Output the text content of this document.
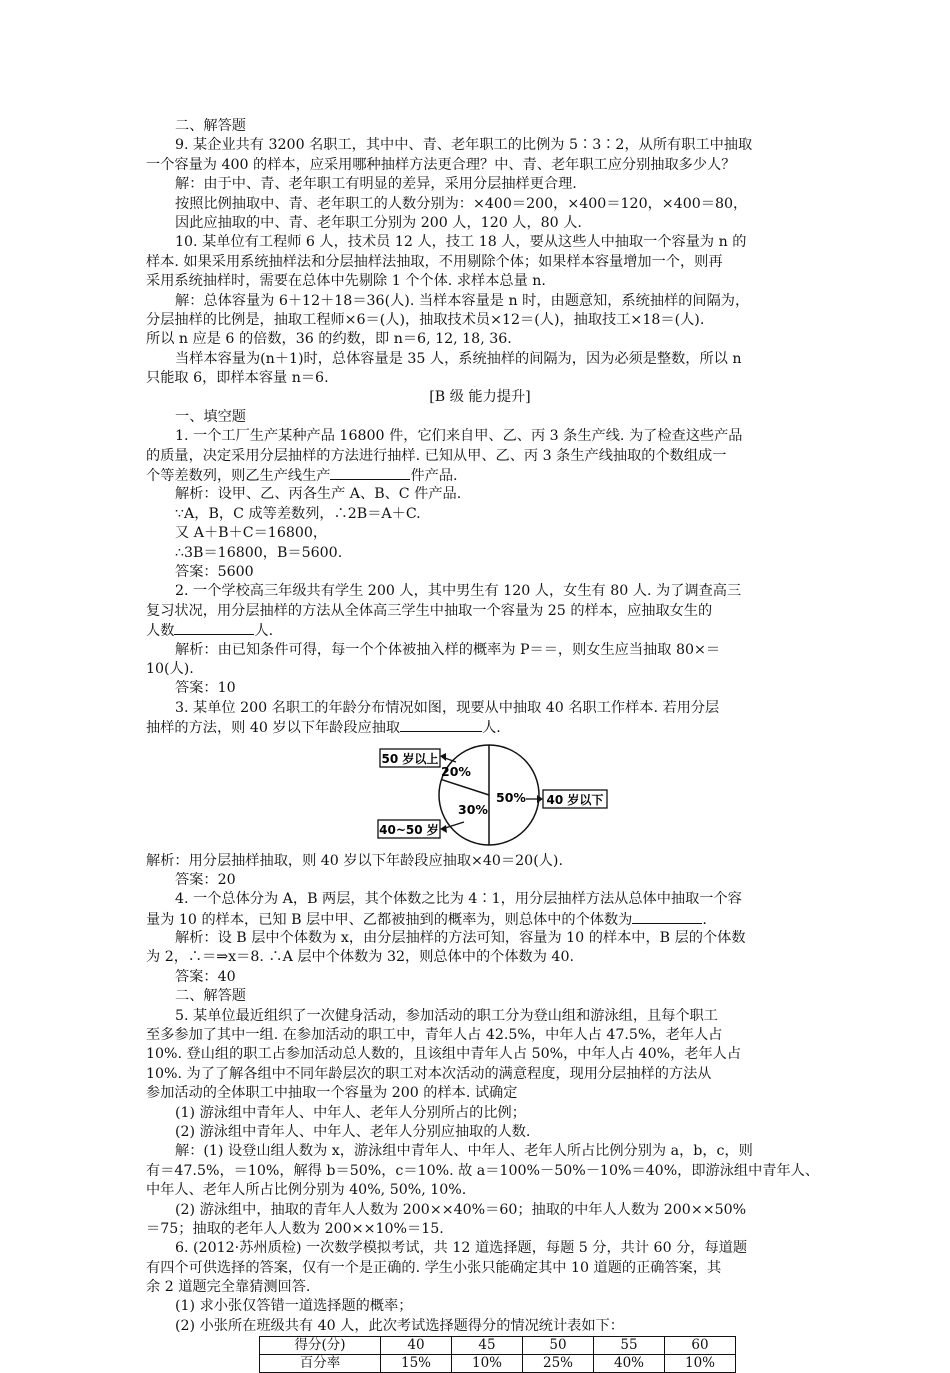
二、解答题
9. 某企业共有 3200 名职工，其中中、青、老年职工的比例为 5∶3∶2，从所有职工中抽取
一个容量为 400 的样本，应采用哪种抽样方法更合理？中、青、老年职工应分别抽取多少人？
解：由于中、青、老年职工有明显的差异，采用分层抽样更合理.
按照比例抽取中、青、老年职工的人数分别为：×400＝200，×400＝120，×400＝80，
因此应抽取的中、青、老年职工分别为 200 人，120 人，80 人.
10. 某单位有工程师 6 人，技术员 12 人，技工 18 人，要从这些人中抽取一个容量为 n 的
样本. 如果采用系统抽样法和分层抽样法抽取，不用剔除个体；如果样本容量增加一个，则再
采用系统抽样时，需要在总体中先剔除 1 个个体. 求样本总量 n.
解：总体容量为 6＋12＋18＝36(人). 当样本容量是 n 时，由题意知，系统抽样的间隔为，
分层抽样的比例是，抽取工程师×6＝(人)，抽取技术员×12＝(人)，抽取技工×18＝(人).
所以 n 应是 6 的倍数，36 的约数，即 n＝6, 12, 18, 36.
当样本容量为(n＋1)时，总体容量是 35 人，系统抽样的间隔为，因为必须是整数，所以 n
只能取 6，即样本容量 n＝6.
[B 级 能力提升]
一、填空题
1. 一个工厂生产某种产品 16800 件，它们来自甲、乙、丙 3 条生产线. 为了检查这些产品
的质量，决定采用分层抽样的方法进行抽样. 已知从甲、乙、丙 3 条生产线抽取的个数组成一
个等差数列，则乙生产线生产	件产品.
解析：设甲、乙、丙各生产 A、B、C 件产品.
∵A，B，C 成等差数列，∴2B＝A＋C.
又 A＋B＋C＝16800，
∴3B＝16800，B＝5600.
答案：5600
2. 一个学校高三年级共有学生 200 人，其中男生有 120 人，女生有 80 人. 为了调查高三
复习状况，用分层抽样的方法从全体高三学生中抽取一个容量为 25 的样本，应抽取女生的
人数	人.
解析：由已知条件可得，每一个个体被抽入样的概率为 P＝＝，则女生应当抽取 80×＝
10(人).
答案：10
3. 某单位 200 名职工的年龄分布情况如图，现要从中抽取 40 名职工作样本. 若用分层
抽样的方法，则 40 岁以下年龄段应抽取	人.
20%
50%
30%
50 岁以上
40 岁以下
40~50 岁
解析：用分层抽样抽取，则 40 岁以下年龄段应抽取×40＝20(人).
答案：20
4. 一个总体分为 A，B 两层，其个体数之比为 4∶1，用分层抽样方法从总体中抽取一个容
量为 10 的样本，已知 B 层中甲、乙都被抽到的概率为，则总体中的个体数为	.
解析：设 B 层中个体数为 x，由分层抽样的方法可知，容量为 10 的样本中，B 层的个体数
为 2，∴＝⇒x＝8. ∴A 层中个体数为 32，则总体中的个体数为 40.
答案：40
二、解答题
5. 某单位最近组织了一次健身活动，参加活动的职工分为登山组和游泳组，且每个职工
至多参加了其中一组. 在参加活动的职工中，青年人占 42.5%，中年人占 47.5%，老年人占
10%. 登山组的职工占参加活动总人数的，且该组中青年人占 50%，中年人占 40%，老年人占
10%. 为了了解各组中不同年龄层次的职工对本次活动的满意程度，现用分层抽样的方法从
参加活动的全体职工中抽取一个容量为 200 的样本. 试确定
(1) 游泳组中青年人、中年人、老年人分别所占的比例；
(2) 游泳组中青年人、中年人、老年人分别应抽取的人数.
解：(1) 设登山组人数为 x，游泳组中青年人、中年人、老年人所占比例分别为 a，b，c，则
有＝47.5%，＝10%，解得 b＝50%，c＝10%. 故 a＝100%－50%－10%＝40%，即游泳组中青年人、
中年人、老年人所占比例分别为 40%, 50%, 10%.
(2) 游泳组中，抽取的青年人人数为 200××40%＝60；抽取的中年人人数为 200××50%
＝75；抽取的老年人人数为 200××10%＝15.
6. (2012·苏州质检) 一次数学模拟考试，共 12 道选择题，每题 5 分，共计 60 分，每道题
有四个可供选择的答案，仅有一个是正确的. 学生小张只能确定其中 10 道题的正确答案，其
余 2 道题完全靠猜测回答.
(1) 求小张仅答错一道选择题的概率；
(2) 小张所在班级共有 40 人，此次考试选择题得分的情况统计表如下：
得分(分)	40	45	50	55	60
百分率	15%	10%	25%	40%	10%
